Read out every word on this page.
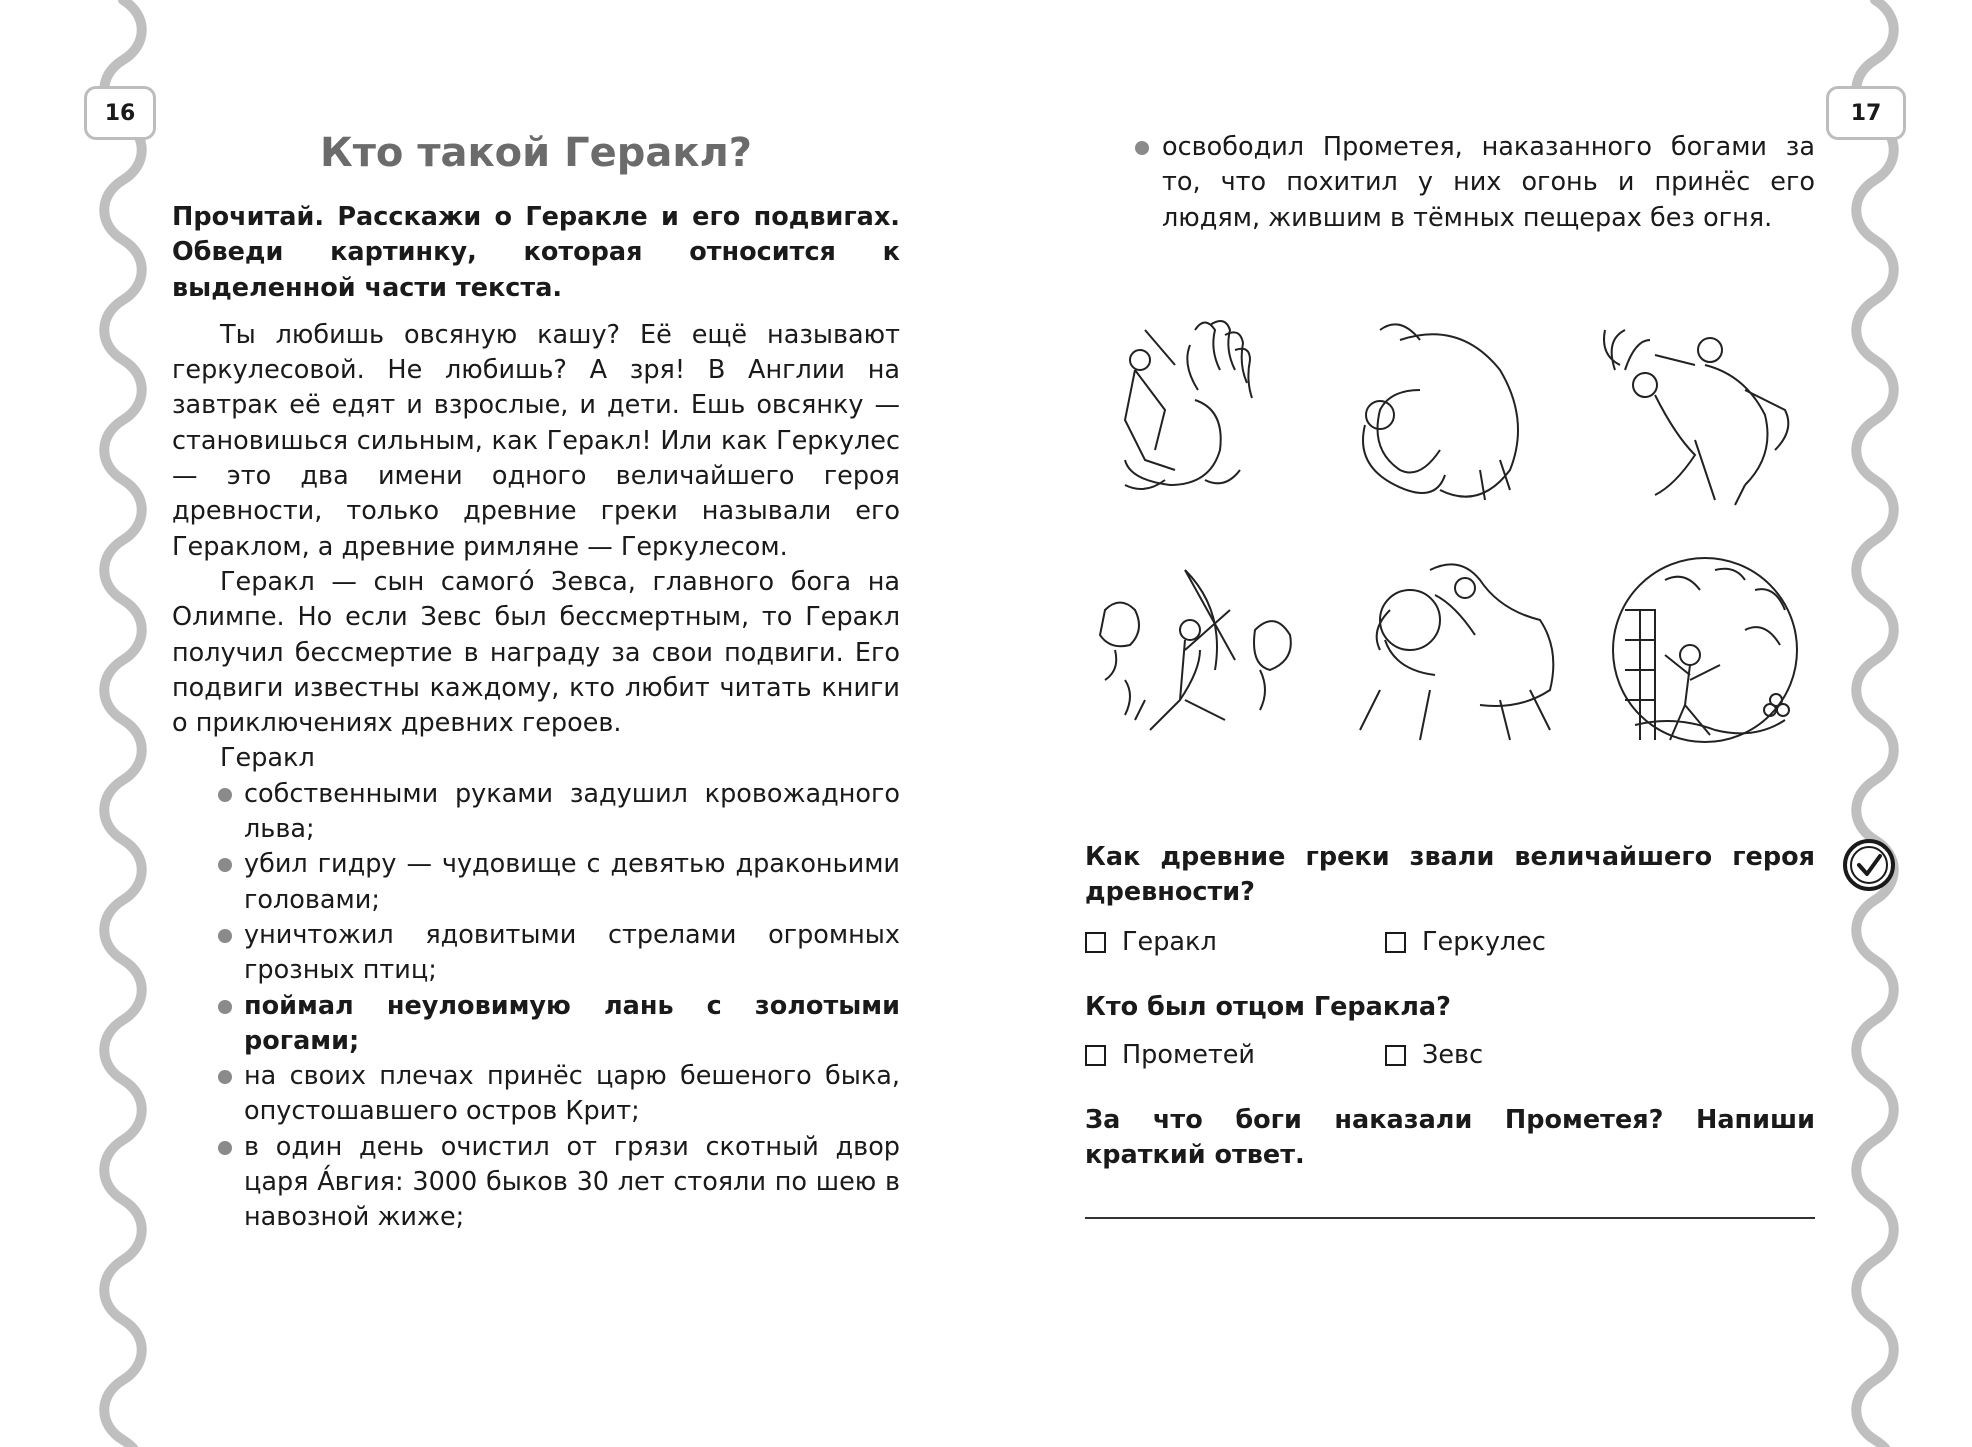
16	17
Кто такой Геракл?

Прочитай. Расскажи о Геракле и его подвигах. Обведи картинку, которая относится к выделенной части текста.

Ты любишь овсяную кашу? Её ещё называют геркулесовой. Не любишь? А зря! В Англии на завтрак её едят и взрослые, и дети. Ешь овсянку — становишься сильным, как Геракл! Или как Геркулес — это два имени одного величайшего героя древности, только древние греки называли его Гераклом, а древние римляне — Геркулесом.

Геракл — сын самого́ Зевса, главного бога на Олимпе. Но если Зевс был бессмертным, то Геракл получил бессмертие в награду за свои подвиги. Его подвиги известны каждому, кто любит читать книги о приключениях древних героев.

Геракл

собственными руками задушил кровожадного льва;
убил гидру — чудовище с девятью драконьими головами;
уничтожил ядовитыми стрелами огромных грозных птиц;
поймал неуловимую лань с золотыми рогами;
на своих плечах принёс царю бешеного быка, опустошавшего остров Крит;
в один день очистил от грязи скотный двор царя А́вгия: 3000 быков 30 лет стояли по шею в навозной жиже;
освободил Прометея, наказанного богами за то, что похитил у них огонь и принёс его людям, жившим в тёмных пещерах без огня.
Как древние греки звали величайшего героя древности?
Геракл	Геркулес
Кто был отцом Геракла?
Прометей	Зевс
За что боги наказали Прометея? Напиши краткий ответ.
